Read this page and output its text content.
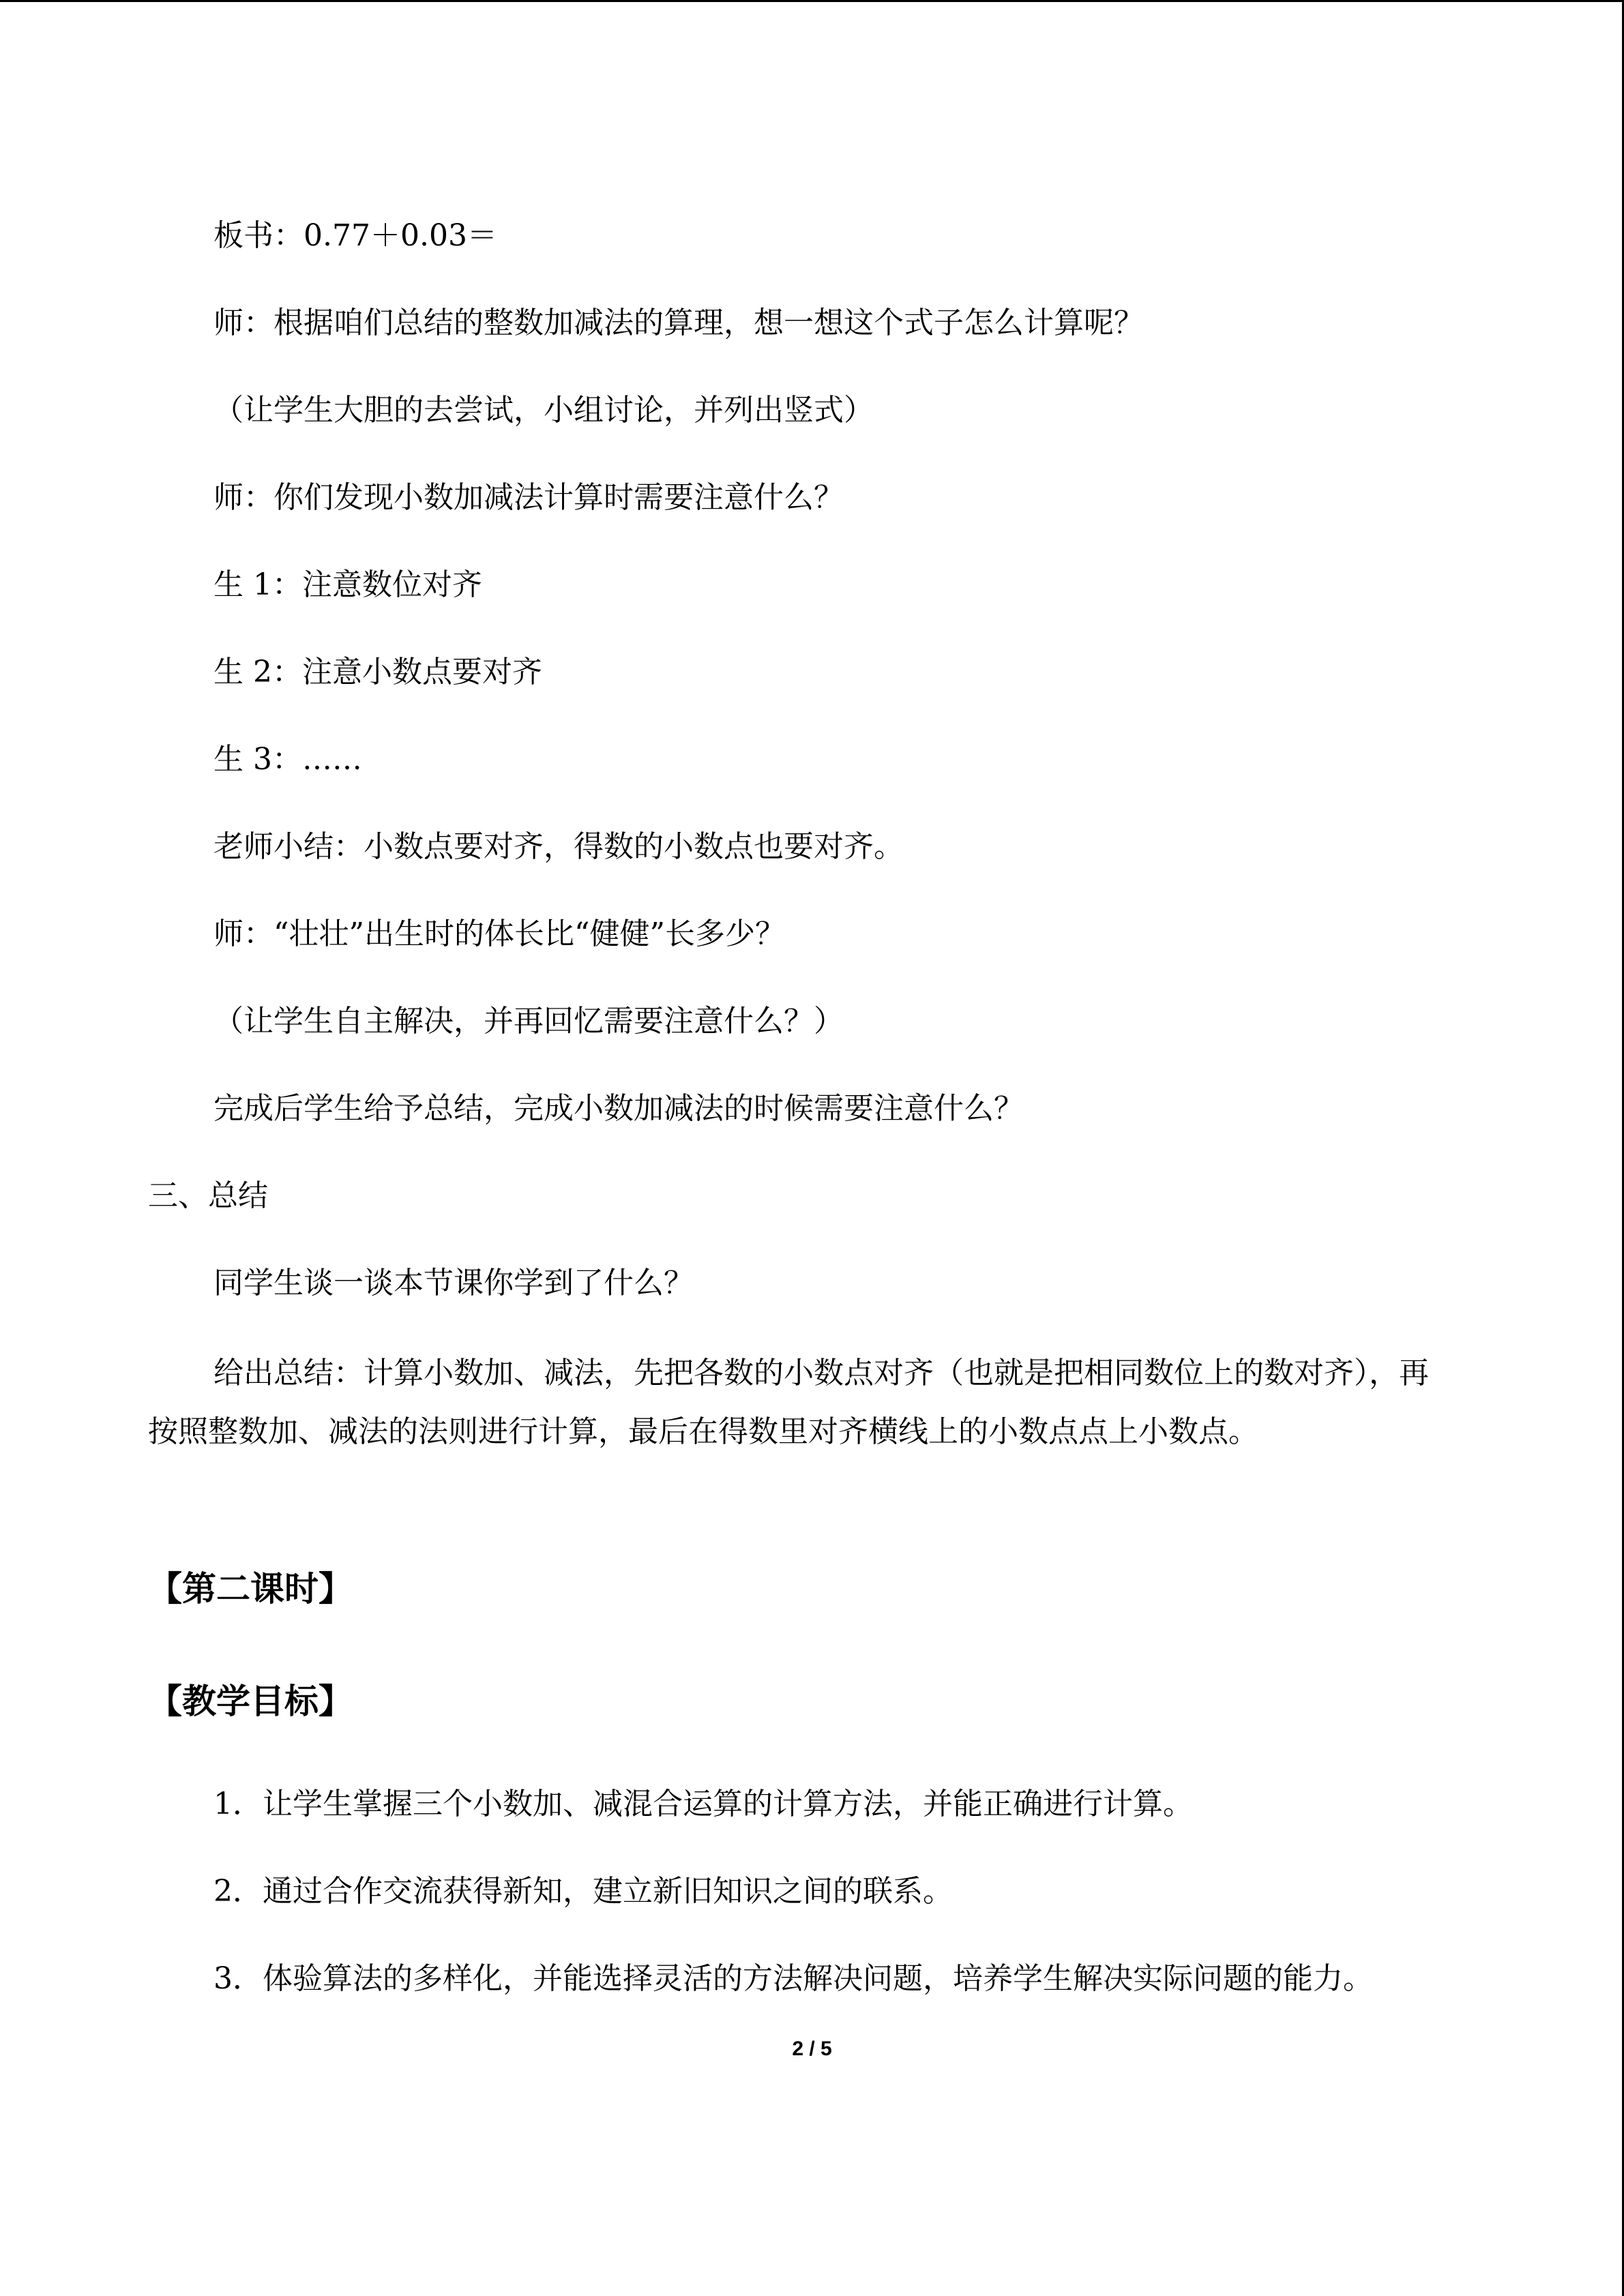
板书：0.77＋0.03＝
师：根据咱们总结的整数加减法的算理，想一想这个式子怎么计算呢？
（让学生大胆的去尝试，小组讨论，并列出竖式）
师：你们发现小数加减法计算时需要注意什么？
生 1：注意数位对齐
生 2：注意小数点要对齐
生 3：……
老师小结：小数点要对齐，得数的小数点也要对齐。
师：“壮壮”出生时的体长比“健健”长多少？
（让学生自主解决，并再回忆需要注意什么？）
完成后学生给予总结，完成小数加减法的时候需要注意什么？
三、总结
同学生谈一谈本节课你学到了什么？
给出总结：计算小数加、减法，先把各数的小数点对齐（也就是把相同数位上的数对齐），再按照整数加、减法的法则进行计算，最后在得数里对齐横线上的小数点点上小数点。
【第二课时】
【教学目标】
1．让学生掌握三个小数加、减混合运算的计算方法，并能正确进行计算。
2．通过合作交流获得新知，建立新旧知识之间的联系。
3．体验算法的多样化，并能选择灵活的方法解决问题，培养学生解决实际问题的能力。
2 / 5
